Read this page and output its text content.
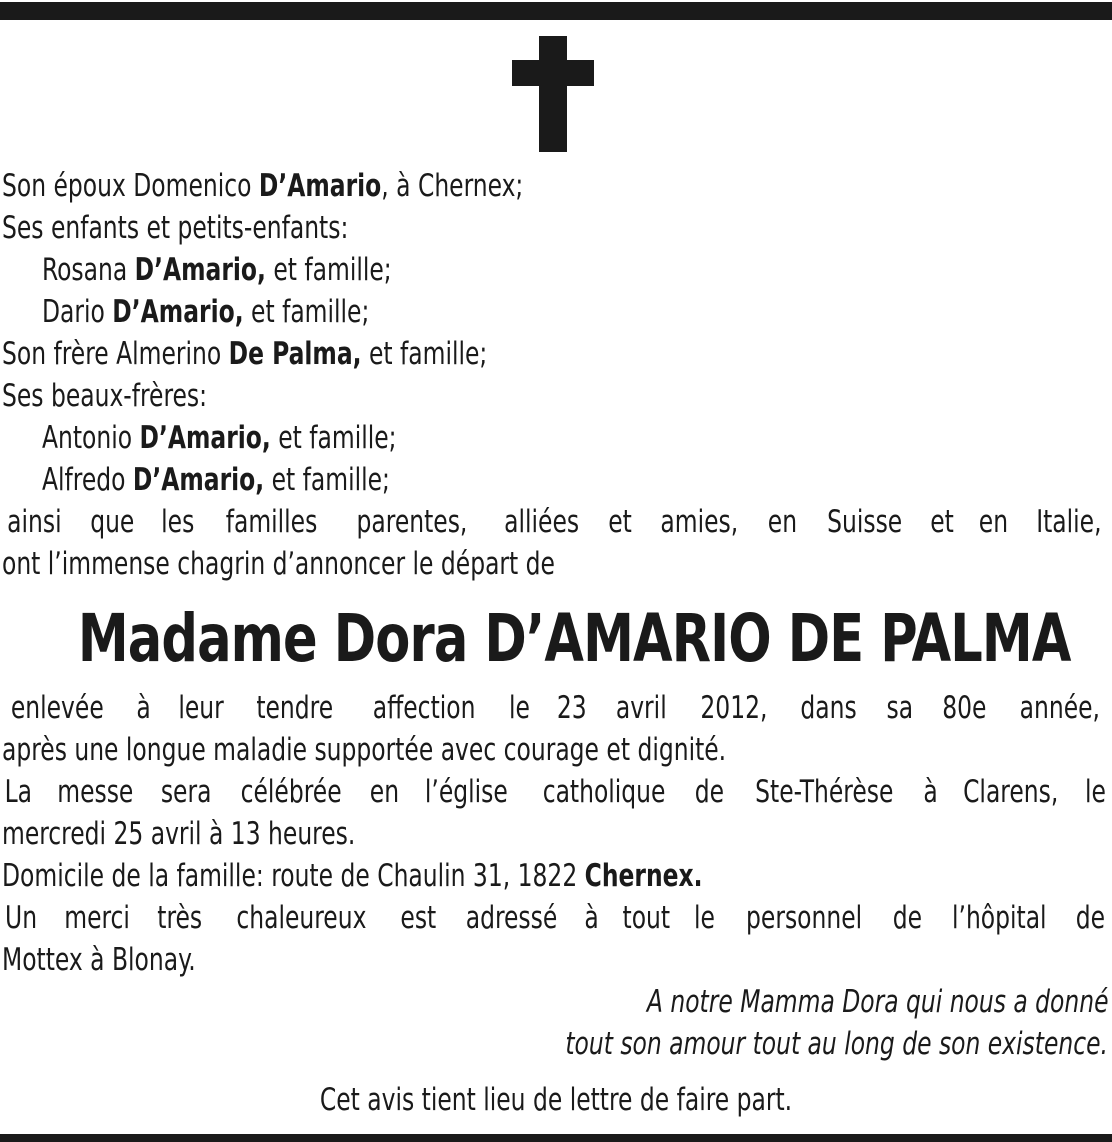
Son époux Domenico D’Amario, à Chernex;
Ses enfants et petits-enfants:
Rosana D’Amario, et famille;
Dario D’Amario, et famille;
Son frère Almerino De Palma, et famille;
Ses beaux-frères:
Antonio D’Amario, et famille;
Alfredo D’Amario, et famille;
ainsi que les familles parentes, alliées et amies, en Suisse et en Italie,
ont l’immense chagrin d’annoncer le départ de
Madame Dora D’AMARIO DE PALMA
enlevée à leur tendre affection le 23 avril 2012, dans sa 80e année,
après une longue maladie supportée avec courage et dignité.
La messe sera célébrée en l’église catholique de Ste-Thérèse à Clarens, le
mercredi 25 avril à 13 heures.
Domicile de la famille: route de Chaulin 31, 1822 Chernex.
Un merci très chaleureux est adressé à tout le personnel de l’hôpital de
Mottex à Blonay.
A notre Mamma Dora qui nous a donné
tout son amour tout au long de son existence.
Cet avis tient lieu de lettre de faire part.
